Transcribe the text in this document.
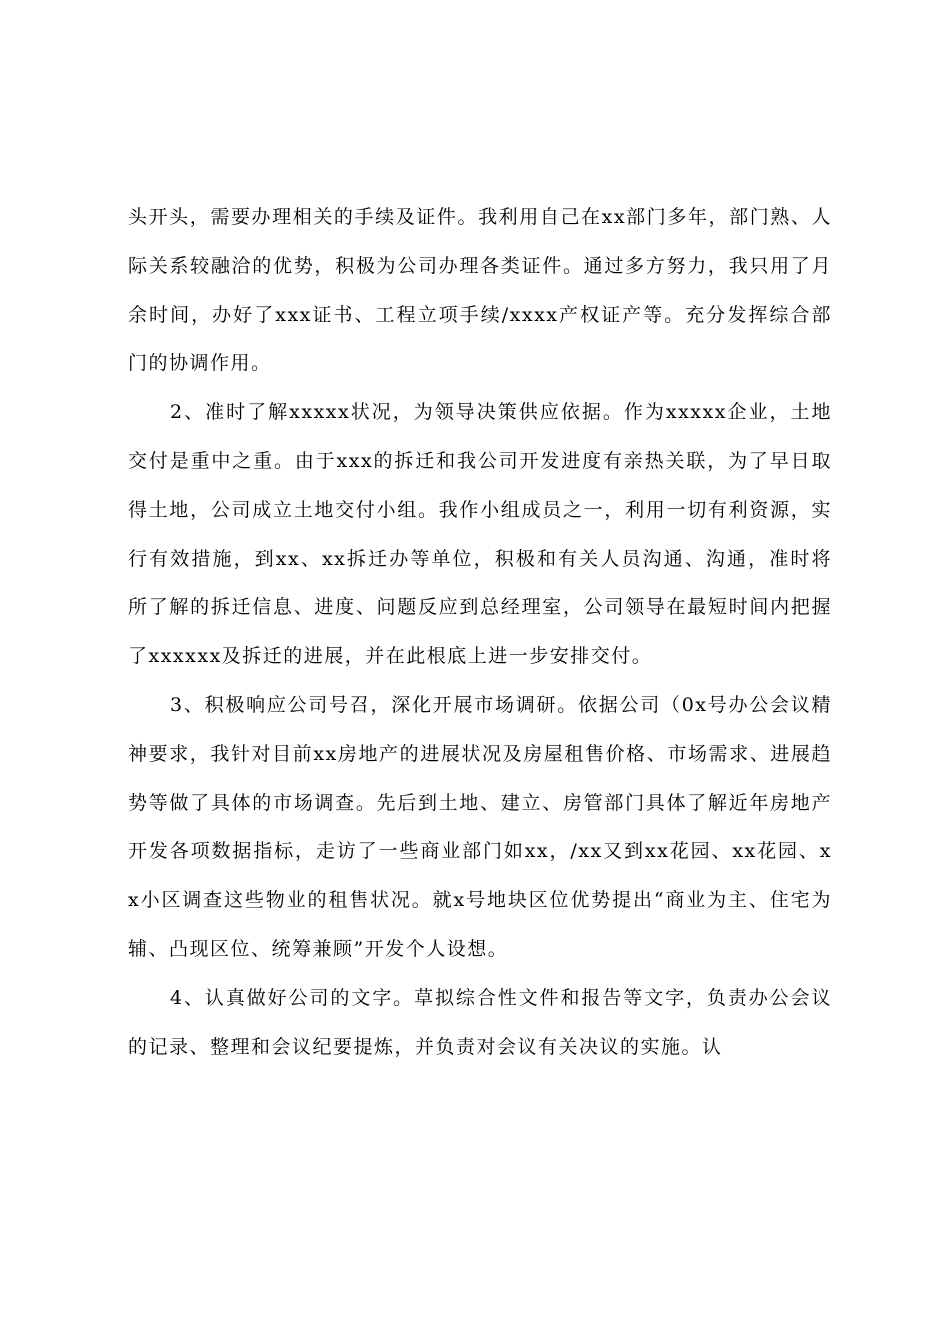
头开头，需要办理相关的手续及证件。我利用自己在xx部门多年，部门熟、人际关系较融洽的优势，积极为公司办理各类证件。通过多方努力，我只用了月余时间，办好了xxx证书、工程立项手续/xxxx产权证产等。充分发挥综合部门的协调作用。

2、准时了解xxxxx状况，为领导决策供应依据。作为xxxxx企业，土地交付是重中之重。由于xxx的拆迁和我公司开发进度有亲热关联，为了早日取得土地，公司成立土地交付小组。我作小组成员之一，利用一切有利资源，实行有效措施，到xx、xx拆迁办等单位，积极和有关人员沟通、沟通，准时将所了解的拆迁信息、进度、问题反应到总经理室，公司领导在最短时间内把握了xxxxxx及拆迁的进展，并在此根底上进一步安排交付。

3、积极响应公司号召，深化开展市场调研。依据公司（0x号办公会议精神要求，我针对目前xx房地产的进展状况及房屋租售价格、市场需求、进展趋势等做了具体的市场调查。先后到土地、建立、房管部门具体了解近年房地产开发各项数据指标，走访了一些商业部门如xx，/xx又到xx花园、xx花园、xx小区调查这些物业的租售状况。就x号地块区位优势提出“商业为主、住宅为辅、凸现区位、统筹兼顾”开发个人设想。

4、认真做好公司的文字。草拟综合性文件和报告等文字，负责办公会议的记录、整理和会议纪要提炼，并负责对会议有关决议的实施。认
